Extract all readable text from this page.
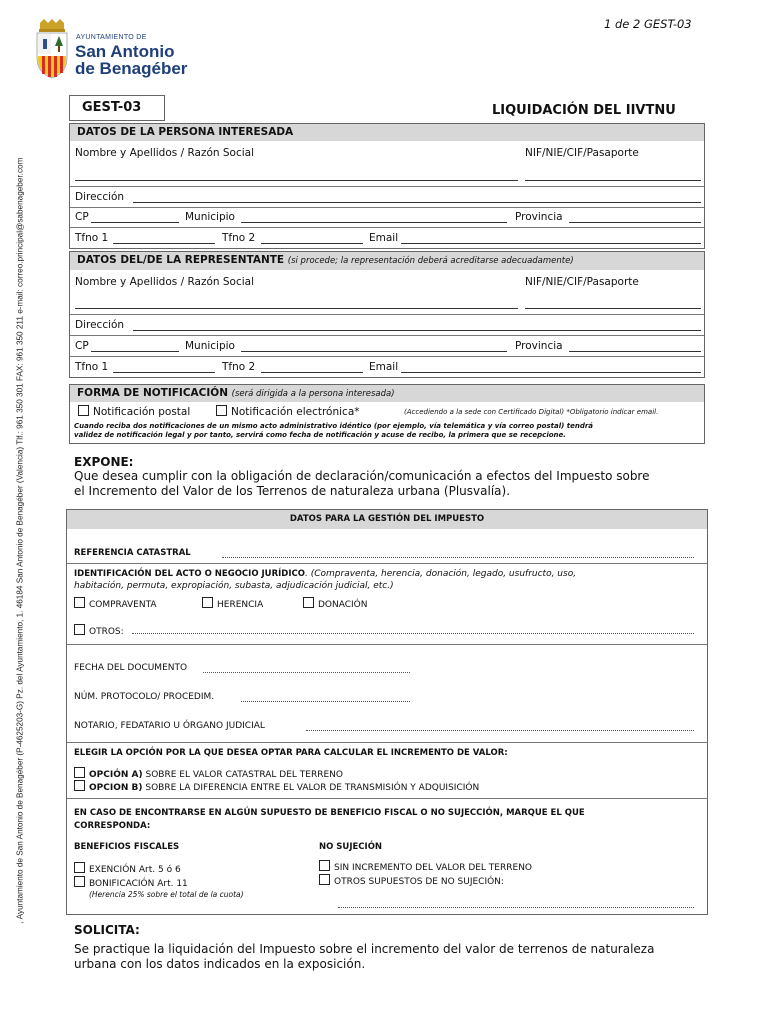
, Ayuntamiento de San Antonio de Benagéber (P-4625203-G) Pz. del Ayuntamiento, 1. 46184 San Antonio de Benagéber (Valencia) Tlf.: 961 350 301 FAX: 961 350 211 e-mail: correo.principal@sabenageber.com
1 de 2 GEST-03
AYUNTAMIENTO DE
San Antonio
de Benagéber
GEST-03	LIQUIDACIÓN DEL IIVTNU
DATOS DE LA PERSONA INTERESADA
Nombre y Apellidos / Razón Social	NIF/NIE/CIF/Pasaporte
Dirección
CP	Municipio	Provincia
Tfno 1	Tfno 2	Email
DATOS DEL/DE LA REPRESENTANTE (si procede; la representación deberá acreditarse adecuadamente)
Nombre y Apellidos / Razón Social	NIF/NIE/CIF/Pasaporte
Dirección
CP	Municipio	Provincia
Tfno 1	Tfno 2	Email
FORMA DE NOTIFICACIÓN (será dirigida a la persona interesada)
Notificación postal	Notificación electrónica*	(Accediendo a la sede con Certificado Digital) *Obligatorio indicar email.
Cuando reciba dos notificaciones de un mismo acto administrativo idéntico (por ejemplo, vía telemática y vía correo postal) tendrá
validez de notificación legal y por tanto, servirá como fecha de notificación y acuse de recibo, la primera que se recepcione.
EXPONE:
Que desea cumplir con la obligación de declaración/comunicación a efectos del Impuesto sobre
el Incremento del Valor de los Terrenos de naturaleza urbana (Plusvalía).
DATOS PARA LA GESTIÓN DEL IMPUESTO
REFERENCIA CATASTRAL
IDENTIFICACIÓN DEL ACTO O NEGOCIO JURÍDICO. (Compraventa, herencia, donación, legado, usufructo, uso,
habitación, permuta, expropiación, subasta, adjudicación judicial, etc.)
COMPRAVENTA	HERENCIA	DONACIÓN
OTROS:
FECHA DEL DOCUMENTO
NÚM. PROTOCOLO/ PROCEDIM.
NOTARIO, FEDATARIO U ÓRGANO JUDICIAL
ELEGIR LA OPCIÓN POR LA QUE DESEA OPTAR PARA CALCULAR EL INCREMENTO DE VALOR:
OPCIÓN A) SOBRE EL VALOR CATASTRAL DEL TERRENO
OPCION B) SOBRE LA DIFERENCIA ENTRE EL VALOR DE TRANSMISIÓN Y ADQUISICIÓN
EN CASO DE ENCONTRARSE EN ALGÚN SUPUESTO DE BENEFICIO FISCAL O NO SUJECCIÓN, MARQUE EL QUE
CORRESPONDA:
BENEFICIOS FISCALES	NO SUJECIÓN
EXENCIÓN Art. 5 ó 6
BONIFICACIÓN Art. 11
(Herencia 25% sobre el total de la cuota)
SIN INCREMENTO DEL VALOR DEL TERRENO
OTROS SUPUESTOS DE NO SUJECIÓN:
SOLICITA:
Se practique la liquidación del Impuesto sobre el incremento del valor de terrenos de naturaleza
urbana con los datos indicados en la exposición.
